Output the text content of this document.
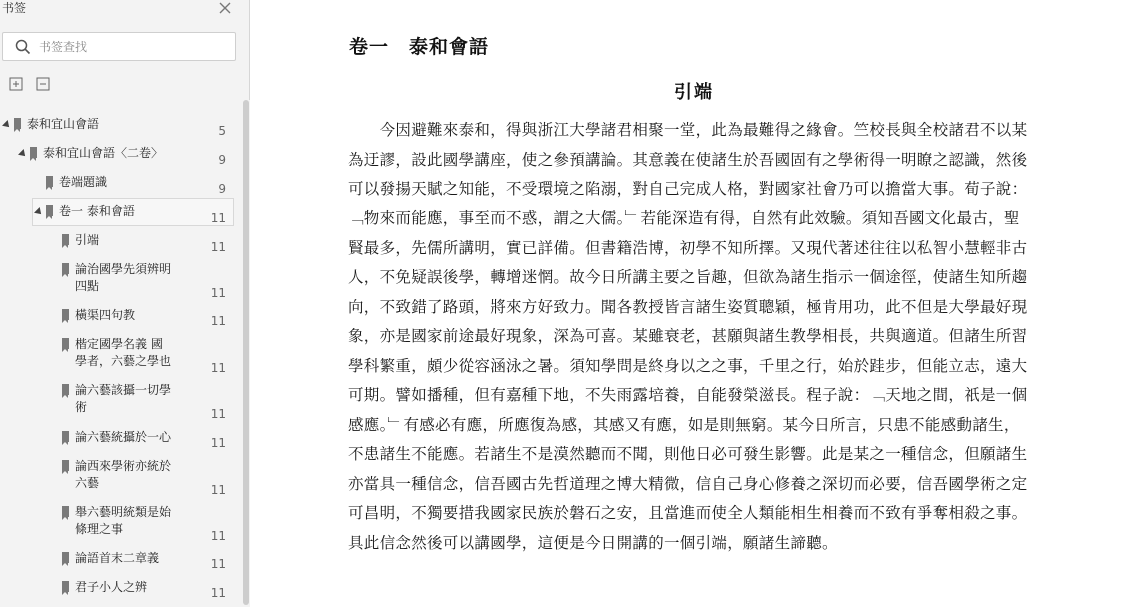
书签
书签查找
泰和宜山會語	5
泰和宜山會語〈二卷〉	9
卷端題識	9
卷一 泰和會語	11
引端	11
論治國學先須辨明
四點	11
橫渠四句教	11
楷定國學名義 國
學者，六藝之學也	11
論六藝該攝一切學
術	11
論六藝統攝於一心	11
論西來學術亦統於
六藝	11
舉六藝明統類是始
條理之事	11
論語首末二章義	11
君子小人之辨	11
卷一　泰和會語
引端
　　今因避難來泰和，得與浙江大學諸君相聚一堂，此為最難得之緣會。竺校長與全校諸君不以某
為迂謬，設此國學講座，使之參預講論。其意義在使諸生於吾國固有之學術得一明瞭之認識，然後
可以發揚天賦之知能，不受環境之陷溺，對自己完成人格，對國家社會乃可以擔當大事。荀子說：
﹁物來而能應，事至而不惑，謂之大儒。﹂若能深造有得，自然有此效驗。須知吾國文化最古，聖
賢最多，先儒所講明，實已詳備。但書籍浩博，初學不知所擇。又現代著述往往以私智小慧輕非古
人，不免疑誤後學，轉增迷惘。故今日所講主要之旨趣，但欲為諸生指示一個途徑，使諸生知所趨
向，不致錯了路頭，將來方好致力。聞各教授皆言諸生姿質聰穎，極肯用功，此不但是大學最好現
象，亦是國家前途最好現象，深為可喜。某雖衰老，甚願與諸生教學相長，共與適道。但諸生所習
學科繁重，頗少從容涵泳之暑。須知學問是終身以之之事，千里之行，始於跬步，但能立志，遠大
可期。譬如播種，但有嘉種下地，不失雨露培養，自能發榮滋長。程子說：﹁天地之間，祇是一個
感應。﹂有感必有應，所應復為感，其感又有應，如是則無窮。某今日所言，只患不能感動諸生，
不患諸生不能應。若諸生不是漠然聽而不聞，則他日必可發生影響。此是某之一種信念，但願諸生
亦當具一種信念，信吾國古先哲道理之博大精微，信自己身心修養之深切而必要，信吾國學術之定
可昌明，不獨要措我國家民族於磐石之安，且當進而使全人類能相生相養而不致有爭奪相殺之事。
具此信念然後可以講國學，這便是今日開講的一個引端，願諸生諦聽。
